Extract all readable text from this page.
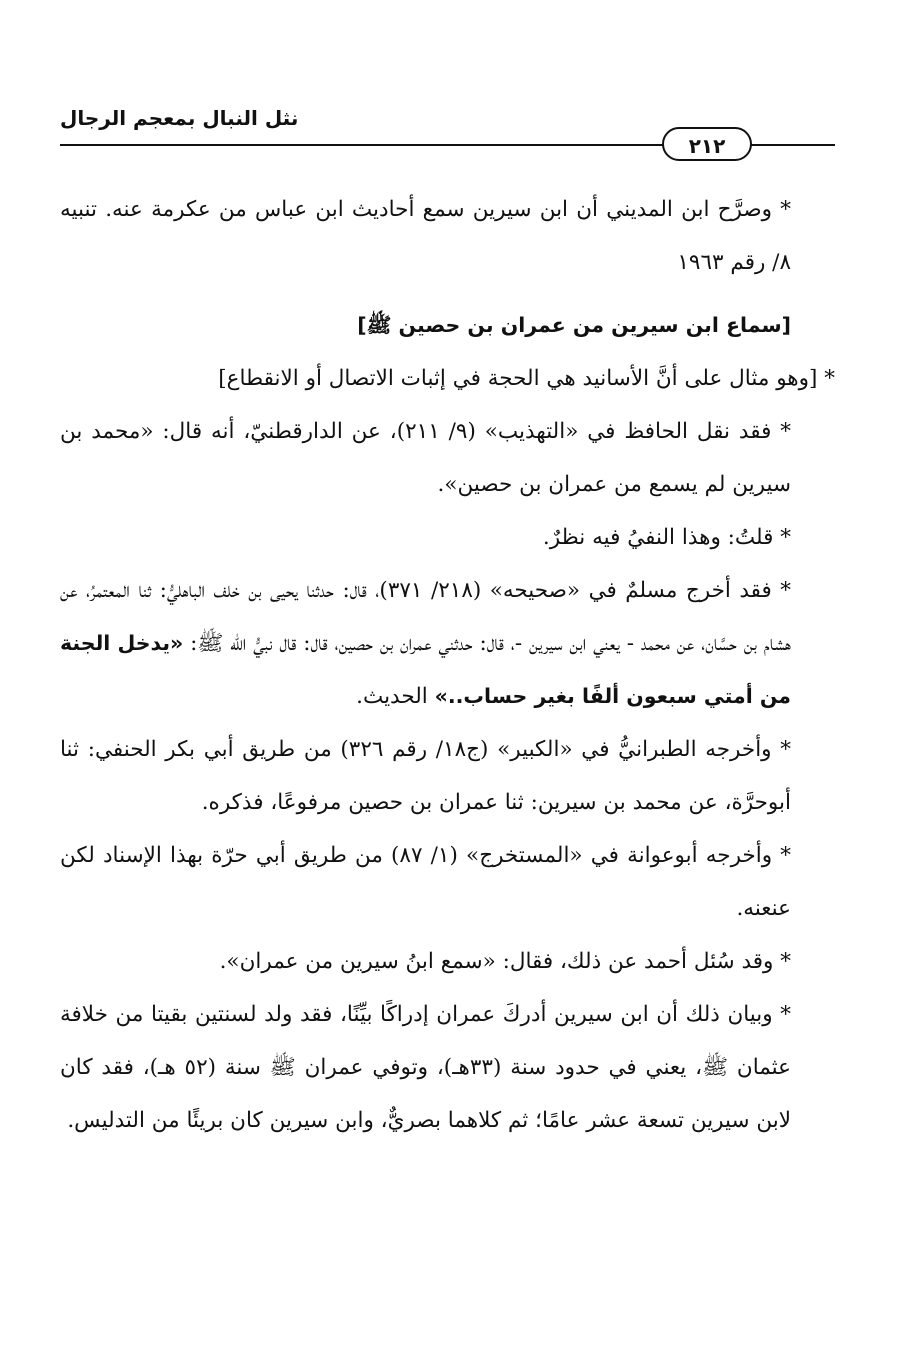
نثل النبال بمعجم الرجال
٢١٢

* وصرَّح ابن المديني أن ابن سيرين سمع أحاديث ابن عباس من عكرمة عنه. تنبيه ٨/ رقم ١٩٦٣

[سماع ابن سيرين من عمران بن حصين ﷺ]

* [وهو مثال على أنَّ الأسانيد هي الحجة في إثبات الاتصال أو الانقطاع]

* فقد نقل الحافظ في «التهذيب» (٩/ ٢١١)، عن الدارقطنيّ، أنه قال: «محمد بن سيرين لم يسمع من عمران بن حصين».

* قلتُ: وهذا النفيُ فيه نظرٌ.

* فقد أخرج مسلمٌ في «صحيحه» (٢١٨/ ٣٧١)، قال: حدثنا يحيى بن خلف الباهليُّ: ثنا المعتمرُ، عن هشام بن حسَّان، عن محمد - يعني ابن سيرين -، قال: حدثني عمران بن حصين، قال: قال نبيُّ الله ﷺ: «يدخل الجنة من أمتي سبعون ألفًا بغير حساب..» الحديث.

* وأخرجه الطبرانيُّ في «الكبير» (ج١٨/ رقم ٣٢٦) من طريق أبي بكر الحنفي: ثنا أبوحرَّة، عن محمد بن سيرين: ثنا عمران بن حصين مرفوعًا، فذكره.

* وأخرجه أبوعوانة في «المستخرج» (١/ ٨٧) من طريق أبي حرّة بهذا الإسناد لكن عنعنه.

* وقد سُئل أحمد عن ذلك، فقال: «سمع ابنُ سيرين من عمران».

* وبيان ذلك أن ابن سيرين أدركَ عمران إدراكًا بيِّنًا، فقد ولد لسنتين بقيتا من خلافة عثمان ﷺ، يعني في حدود سنة (٣٣هـ)، وتوفي عمران ﷺ سنة (٥٢ هـ)، فقد كان لابن سيرين تسعة عشر عامًا؛ ثم كلاهما بصريٌّ، وابن سيرين كان بريئًا من التدليس.
